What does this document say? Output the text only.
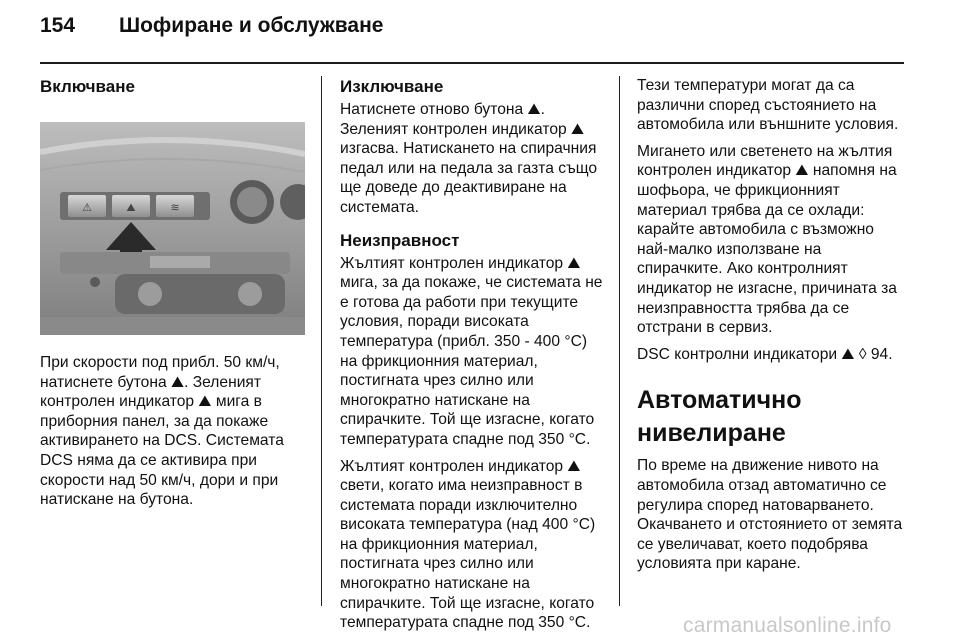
154 Шофиране и обслужване
Включване
⚠	⛰	≋

При скорости под прибл. 50 км/ч, натиснете бутона ⛰. Зеленият контролен индикатор ⛰ мига в приборния панел, за да покаже активирането на DCS. Системата DCS няма да се активира при скорости над 50 км/ч, дори и при натискане на бутона.

Изключване

Натиснете отново бутона ⛰. Зеленият контролен индикатор ⛰ изгасва. Натискането на спирачния педал или на педала за газта също ще доведе до деактивиране на системата.

Неизправност

Жълтият контролен индикатор ⛰ мига, за да покаже, че системата не е готова да работи при текущите условия, поради високата температура (прибл. 350 - 400 °C) на фрикционния материал, постигната чрез силно или многократно натискане на спирачките. Той ще изгасне, когато температурата спадне под 350 °C.

Жълтият контролен индикатор ⛰ свети, когато има неизправност в системата поради изключително високата температура (над 400 °C) на фрикционния материал, постигната чрез силно или многократно натискане на спирачките. Той ще изгасне, когато температурата спадне под 350 °C.

Тези температури могат да са различни според състоянието на автомобила или външните условия.

Мигането или светенето на жълтия контролен индикатор ⛰ напомня на шофьора, че фрикционният материал трябва да се охлади: карайте автомобила с възможно най-малко използване на спирачките. Ако контролният индикатор не изгасне, причината за неизправността трябва да се отстрани в сервиз.

DSC контролни индикатори ⛰ ◊ 94.

Автоматично нивелиране

По време на движение нивото на автомобила отзад автоматично се регулира според натоварването. Окачването и отстоянието от земята се увеличават, което подобрява условията при каране.

carmanualsonline.info
